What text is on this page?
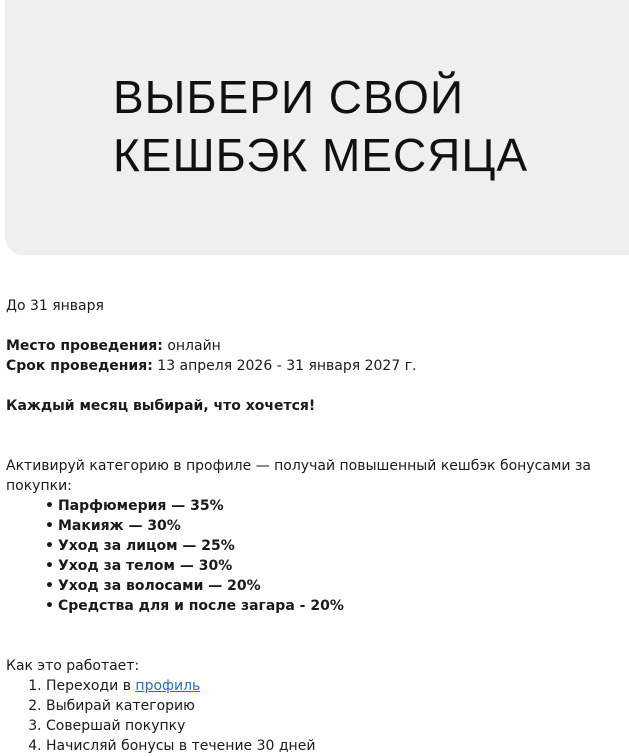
ВЫБЕРИ СВОЙ
КЕШБЭК МЕСЯЦА

До 31 января

Место проведения: онлайн

Срок проведения: 13 апреля 2026 - 31 января 2027 г.

Каждый месяц выбирай, что хочется!

Активируй категорию в профиле — получай повышенный кешбэк бонусами за покупки:

• Парфюмерия — 35%
• Макияж — 30%
• Уход за лицом — 25%
• Уход за телом — 30%
• Уход за волосами — 20%
• Средства для и после загара - 20%

Как это работает:

1. Переходи в профиль
2. Выбирай категорию
3. Совершай покупку
4. Начисляй бонусы в течение 30 дней
